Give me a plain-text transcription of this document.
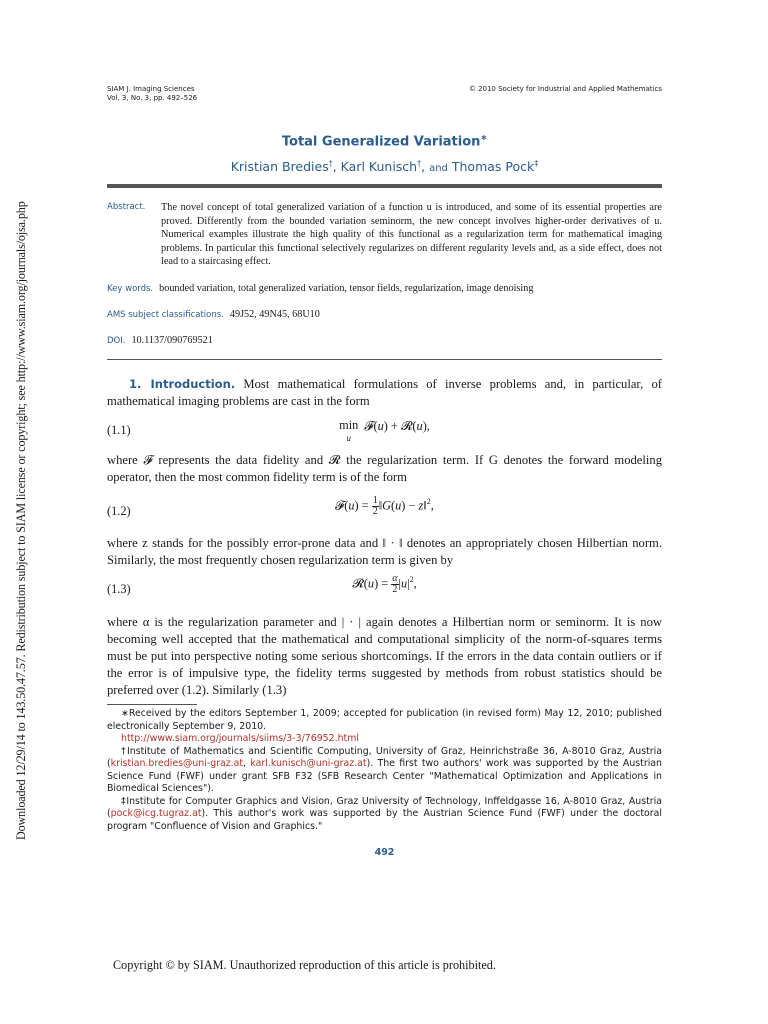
Downloaded 12/29/14 to 143.50.47.57. Redistribution subject to SIAM license or copyright; see http://www.siam.org/journals/ojsa.php
SIAM J. Imaging Sciences
Vol. 3, No. 3, pp. 492–526
© 2010 Society for Industrial and Applied Mathematics
Total Generalized Variation∗
Kristian Bredies†, Karl Kunisch†, and Thomas Pock‡
Abstract.	The novel concept of total generalized variation of a function u is introduced, and some of its essential properties are proved. Differently from the bounded variation seminorm, the new concept involves higher-order derivatives of u. Numerical examples illustrate the high quality of this functional as a regularization term for mathematical imaging problems. In particular this functional selectively regularizes on different regularity levels and, as a side effect, does not lead to a staircasing effect.
Key words. bounded variation, total generalized variation, tensor fields, regularization, image denoising
AMS subject classifications. 49J52, 49N45, 68U10
DOI. 10.1137/090769521
1. Introduction. Most mathematical formulations of inverse problems and, in particular, of mathematical imaging problems are cast in the form
(1.1)	min
u  𝓕(u) + 𝓡(u),
where 𝓕 represents the data fidelity and 𝓡 the regularization term. If G denotes the forward modeling operator, then the most common fidelity term is of the form
(1.2)	𝓕(u) = $\frac{1}{2}$ ‖G(u) − z‖$^2$,
where z stands for the possibly error-prone data and ‖ · ‖ denotes an appropriately chosen Hilbertian norm. Similarly, the most frequently chosen regularization term is given by
(1.3)	𝓡(u) = $\frac{\alpha}{2} |u|^2$,
where α is the regularization parameter and | · | again denotes a Hilbertian norm or seminorm. It is now becoming well accepted that the mathematical and computational simplicity of the norm-of-squares terms must be put into perspective noting some serious shortcomings. If the errors in the data contain outliers or if the error is of impulsive type, the fidelity terms suggested by methods from robust statistics should be preferred over (1.2). Similarly (1.3)

∗Received by the editors September 1, 2009; accepted for publication (in revised form) May 12, 2010; published electronically September 9, 2010.

http://www.siam.org/journals/siims/3-3/76952.html

†Institute of Mathematics and Scientific Computing, University of Graz, Heinrichstraße 36, A-8010 Graz, Austria (kristian.bredies@uni-graz.at, karl.kunisch@uni-graz.at). The first two authors' work was supported by the Austrian Science Fund (FWF) under grant SFB F32 (SFB Research Center "Mathematical Optimization and Applications in Biomedical Sciences").

‡Institute for Computer Graphics and Vision, Graz University of Technology, Inffeldgasse 16, A-8010 Graz, Austria (pock@icg.tugraz.at). This author's work was supported by the Austrian Science Fund (FWF) under the doctoral program "Confluence of Vision and Graphics."

492
Copyright © by SIAM. Unauthorized reproduction of this article is prohibited.
